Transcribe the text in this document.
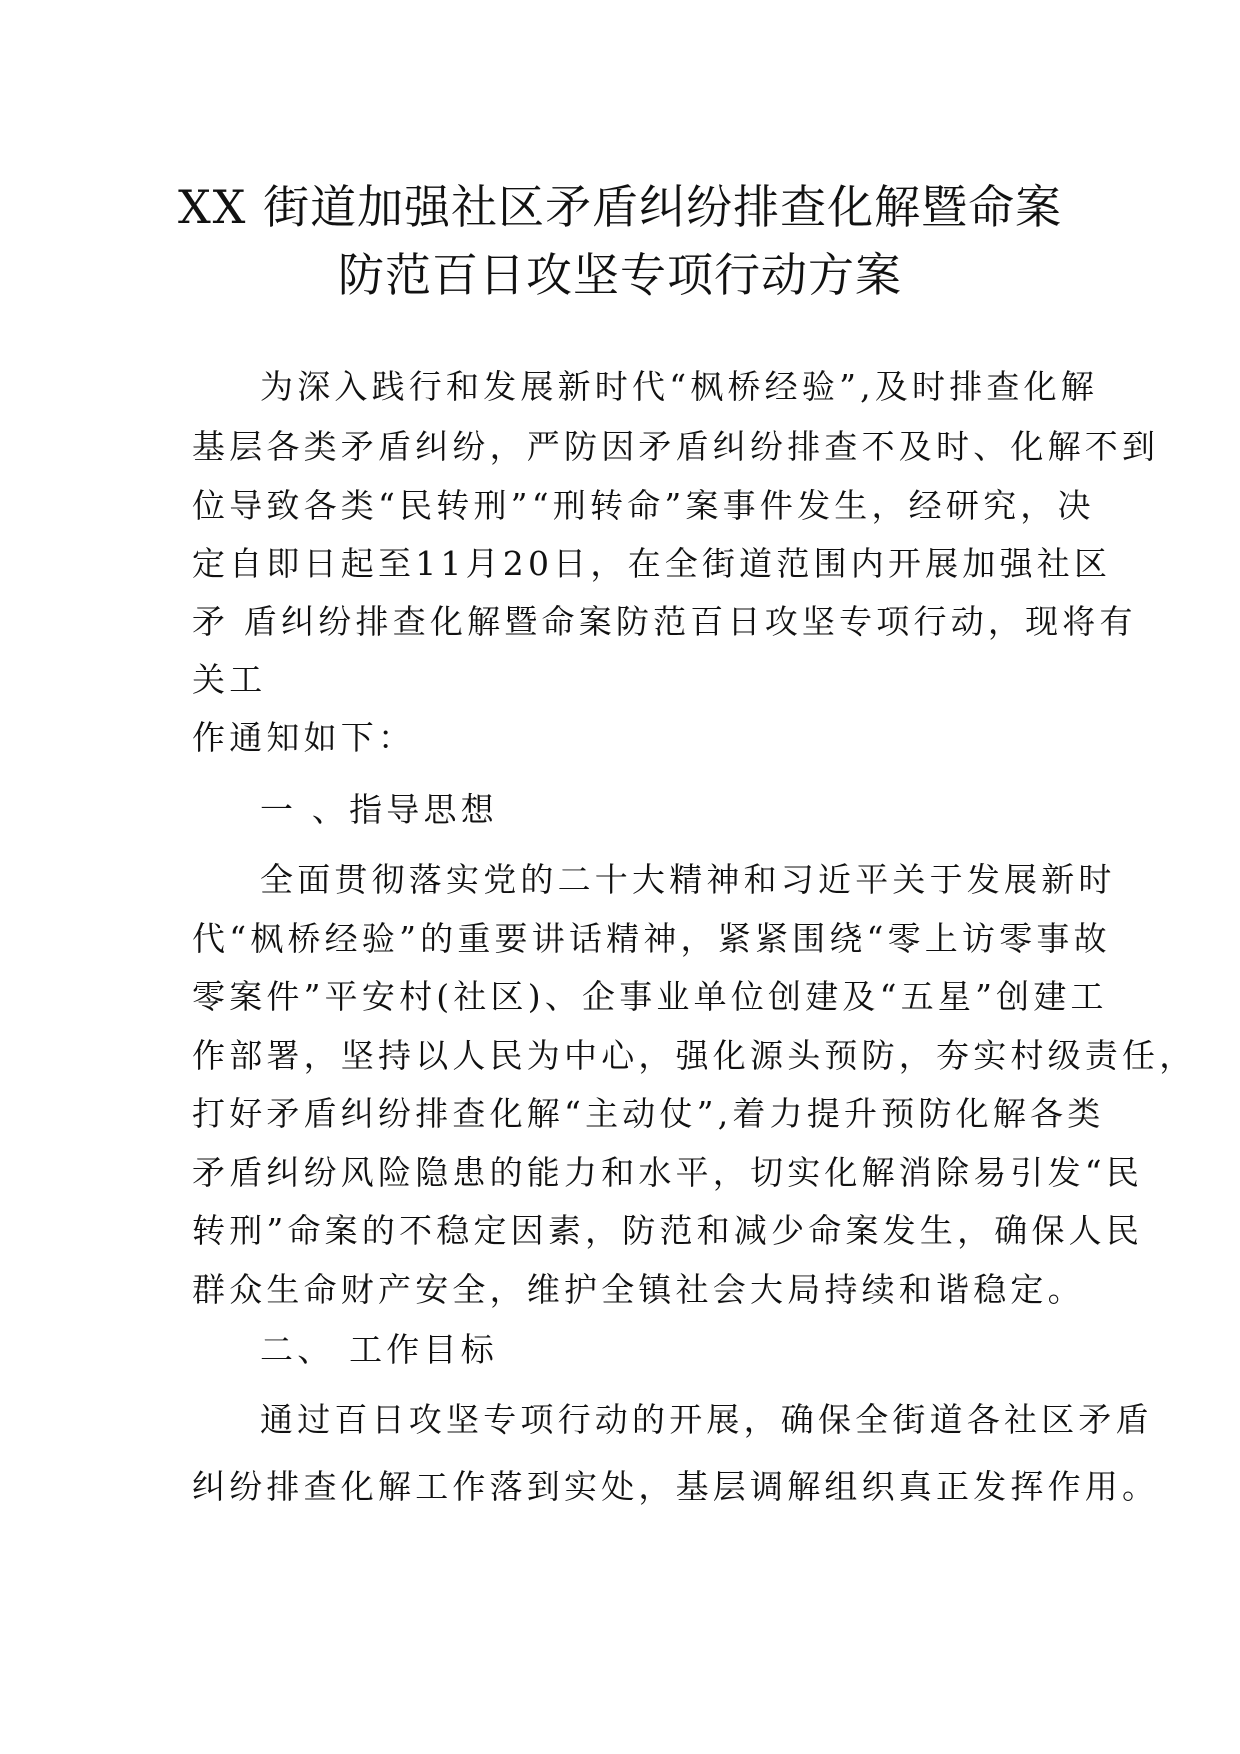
XX 街道加强社区矛盾纠纷排查化解暨命案
防范百日攻坚专项行动方案

为深入践行和发展新时代“枫桥经验”,及时排查化解

基层各类矛盾纠纷，严防因矛盾纠纷排查不及时、化解不到

位导致各类“民转刑”“刑转命”案事件发生，经研究，决

定自即日起至11月20日，在全街道范围内开展加强社区

矛 盾纠纷排查化解暨命案防范百日攻坚专项行动，现将有

关工

作通知如下：

一 、指导思想

全面贯彻落实党的二十大精神和习近平关于发展新时

代“枫桥经验”的重要讲话精神，紧紧围绕“零上访零事故

零案件”平安村(社区)、企事业单位创建及“五星”创建工

作部署，坚持以人民为中心，强化源头预防，夯实村级责任，

打好矛盾纠纷排查化解“主动仗”,着力提升预防化解各类

矛盾纠纷风险隐患的能力和水平，切实化解消除易引发“民

转刑”命案的不稳定因素，防范和减少命案发生，确保人民

群众生命财产安全，维护全镇社会大局持续和谐稳定。

二、 工作目标

通过百日攻坚专项行动的开展，确保全街道各社区矛盾

纠纷排查化解工作落到实处，基层调解组织真正发挥作用。
